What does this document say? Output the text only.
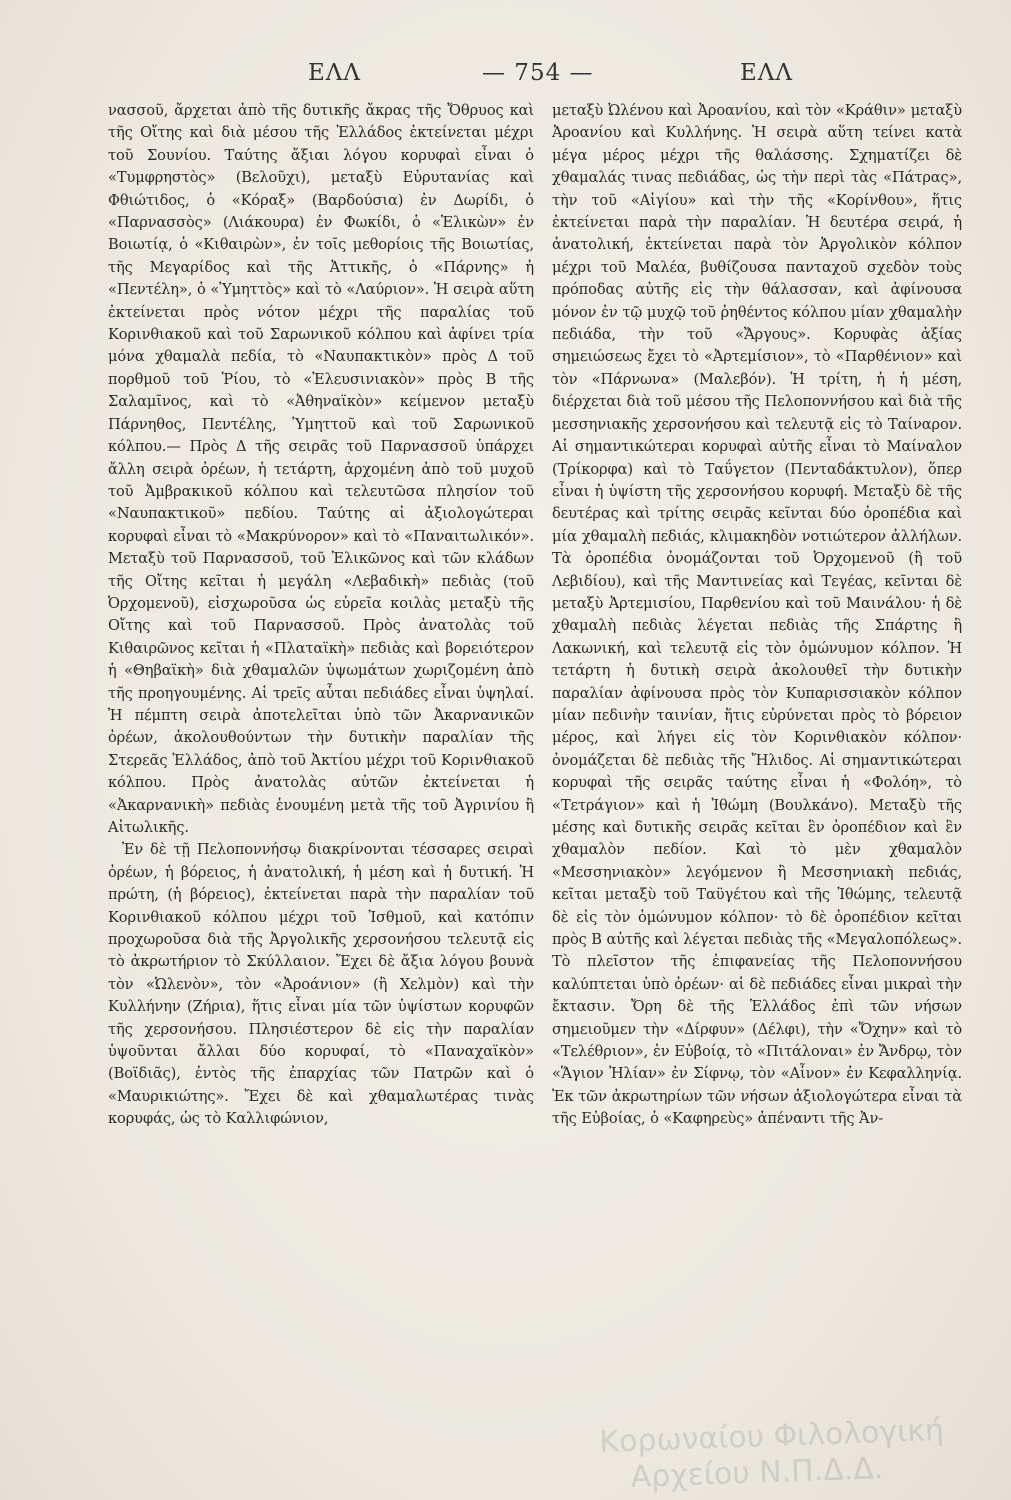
ΕΛΛ	— 754 —	ΕΛΛ

νασσοῦ, ἄρχεται ἀπὸ τῆς δυτικῆς ἄκρας τῆς Ὄθρυος καὶ τῆς Οἴτης καὶ διὰ μέσου τῆς Ἑλλάδος ἐκτείνεται μέχρι τοῦ Σουνίου. Ταύτης ἄξιαι λόγου κορυφαὶ εἶναι ὁ «Τυμφρηστὸς» (Βελοῦχι), μεταξὺ Εὐρυτανίας καὶ Φθιώτιδος, ὁ «Κόραξ» (Βαρδούσια) ἐν Δωρίδι, ὁ «Παρνασσὸς» (Λιάκουρα) ἐν Φωκίδι, ὁ «Ἑλικὼν» ἐν Βοιωτίᾳ, ὁ «Κιθαιρὼν», ἐν τοῖς μεθορίοις τῆς Βοιωτίας, τῆς Μεγαρίδος καὶ τῆς Ἀττικῆς, ὁ «Πάρνης» ἡ «Πεντέλη», ὁ «Ὑμηττὸς» καὶ τὸ «Λαύριον». Ἡ σειρὰ αὕτη ἐκτείνεται πρὸς νότον μέχρι τῆς παραλίας τοῦ Κορινθιακοῦ καὶ τοῦ Σαρωνικοῦ κόλπου καὶ ἀφίνει τρία μόνα χθαμαλὰ πεδία, τὸ «Ναυπακτικὸν» πρὸς Δ τοῦ πορθμοῦ τοῦ Ῥίου, τὸ «Ἐλευσινιακὸν» πρὸς Β τῆς Σαλαμῖνος, καὶ τὸ «Ἀθηναϊκὸν» κείμενον μεταξὺ Πάρνηθος, Πεντέλης, Ὑμηττοῦ καὶ τοῦ Σαρωνικοῦ κόλπου.— Πρὸς Δ τῆς σειρᾶς τοῦ Παρνασσοῦ ὑπάρχει ἄλλη σειρὰ ὀρέων, ἡ τετάρτη, ἀρχομένη ἀπὸ τοῦ μυχοῦ τοῦ Ἀμβρακικοῦ κόλπου καὶ τελευτῶσα πλησίον τοῦ «Ναυπακτικοῦ» πεδίου. Ταύτης αἱ ἀξιολογώτεραι κορυφαὶ εἶναι τὸ «Μακρύνορον» καὶ τὸ «Παναιτωλικόν». Μεταξὺ τοῦ Παρνασσοῦ, τοῦ Ἑλικῶνος καὶ τῶν κλάδων τῆς Οἴτης κεῖται ἡ μεγάλη «Λεβαδικὴ» πεδιὰς (τοῦ Ὀρχομενοῦ), εἰσχωροῦσα ὡς εὐρεῖα κοιλὰς μεταξὺ τῆς Οἴτης καὶ τοῦ Παρνασσοῦ. Πρὸς ἀνατολὰς τοῦ Κιθαιρῶνος κεῖται ἡ «Πλαταϊκὴ» πεδιὰς καὶ βορειότερον ἡ «Θηβαϊκὴ» διὰ χθαμαλῶν ὑψωμάτων χωριζομένη ἀπὸ τῆς προηγουμένης. Αἱ τρεῖς αὗται πεδιάδες εἶναι ὑψηλαί. Ἡ πέμπτη σειρὰ ἀποτελεῖται ὑπὸ τῶν Ἀκαρνανικῶν ὀρέων, ἀκολουθούντων τὴν δυτικὴν παραλίαν τῆς Στερεᾶς Ἑλλάδος, ἀπὸ τοῦ Ἀκτίου μέχρι τοῦ Κορινθιακοῦ κόλπου. Πρὸς ἀνατολὰς αὐτῶν ἐκτείνεται ἡ «Ἀκαρνανικὴ» πεδιὰς ἑνουμένη μετὰ τῆς τοῦ Ἀγρινίου ἢ Αἰτωλικῆς.

Ἐν δὲ τῇ Πελοποννήσῳ διακρίνονται τέσσαρες σειραὶ ὀρέων, ἡ βόρειος, ἡ ἀνατολική, ἡ μέση καὶ ἡ δυτική. Ἡ πρώτη, (ἡ βόρειος), ἐκτείνεται παρὰ τὴν παραλίαν τοῦ Κορινθιακοῦ κόλπου μέχρι τοῦ Ἰσθμοῦ, καὶ κατόπιν προχωροῦσα διὰ τῆς Ἀργολικῆς χερσονήσου τελευτᾷ εἰς τὸ ἀκρωτήριον τὸ Σκύλλαιον. Ἔχει δὲ ἄξια λόγου βουνὰ τὸν «Ὠλενὸν», τὸν «Ἀροάνιον» (ἢ Χελμὸν) καὶ τὴν Κυλλήνην (Ζήρια), ἥτις εἶναι μία τῶν ὑψίστων κορυφῶν τῆς χερσονήσου. Πλησιέστερον δὲ εἰς τὴν παραλίαν ὑψοῦνται ἄλλαι δύο κορυφαί, τὸ «Παναχαϊκὸν» (Βοϊδιᾶς), ἐντὸς τῆς ἐπαρχίας τῶν Πατρῶν καὶ ὁ «Μαυρικιώτης». Ἔχει δὲ καὶ χθαμαλωτέρας τινὰς κορυφάς, ὡς τὸ Καλλιφώνιον,

μεταξὺ Ὠλένου καὶ Ἀροανίου, καὶ τὸν «Κράθιν» μεταξὺ Ἀροανίου καὶ Κυλλήνης. Ἡ σειρὰ αὕτη τείνει κατὰ μέγα μέρος μέχρι τῆς θαλάσσης. Σχηματίζει δὲ χθαμαλάς τινας πεδιάδας, ὡς τὴν περὶ τὰς «Πάτρας», τὴν τοῦ «Αἰγίου» καὶ τὴν τῆς «Κορίνθου», ἥτις ἐκτείνεται παρὰ τὴν παραλίαν. Ἡ δευτέρα σειρά, ἡ ἀνατολική, ἐκτείνεται παρὰ τὸν Ἀργολικὸν κόλπον μέχρι τοῦ Μαλέα, βυθίζουσα πανταχοῦ σχεδὸν τοὺς πρόποδας αὐτῆς εἰς τὴν θάλασσαν, καὶ ἀφίνουσα μόνον ἐν τῷ μυχῷ τοῦ ῥηθέντος κόλπου μίαν χθαμαλὴν πεδιάδα, τὴν τοῦ «Ἄργους». Κορυφὰς ἀξίας σημειώσεως ἔχει τὸ «Ἀρτεμίσιον», τὸ «Παρθένιον» καὶ τὸν «Πάρνωνα» (Μαλεβόν). Ἡ τρίτη, ἡ ἡ μέση, διέρχεται διὰ τοῦ μέσου τῆς Πελοποννήσου καὶ διὰ τῆς μεσσηνιακῆς χερσονήσου καὶ τελευτᾷ εἰς τὸ Ταίναρον. Αἱ σημαντικώτεραι κορυφαὶ αὐτῆς εἶναι τὸ Μαίναλον (Τρίκορφα) καὶ τὸ Ταΰγετον (Πενταδάκτυλον), ὅπερ εἶναι ἡ ὑψίστη τῆς χερσονήσου κορυφή. Μεταξὺ δὲ τῆς δευτέρας καὶ τρίτης σειρᾶς κεῖνται δύο ὀροπέδια καὶ μία χθαμαλὴ πεδιάς, κλιμακηδὸν νοτιώτερον ἀλλήλων. Τὰ ὀροπέδια ὀνομάζονται τοῦ Ὀρχομενοῦ (ἢ τοῦ Λεβιδίου), καὶ τῆς Μαντινείας καὶ Τεγέας, κεῖνται δὲ μεταξὺ Ἀρτεμισίου, Παρθενίου καὶ τοῦ Μαινάλου· ἡ δὲ χθαμαλὴ πεδιὰς λέγεται πεδιὰς τῆς Σπάρτης ἢ Λακωνική, καὶ τελευτᾷ εἰς τὸν ὁμώνυμον κόλπον. Ἡ τετάρτη ἡ δυτικὴ σειρὰ ἀκολουθεῖ τὴν δυτικὴν παραλίαν ἀφίνουσα πρὸς τὸν Κυπαρισσιακὸν κόλπον μίαν πεδινὴν ταινίαν, ἥτις εὐρύνεται πρὸς τὸ βόρειον μέρος, καὶ λήγει εἰς τὸν Κορινθιακὸν κόλπον· ὀνομάζεται δὲ πεδιὰς τῆς Ἤλιδος. Αἱ σημαντικώτεραι κορυφαὶ τῆς σειρᾶς ταύτης εἶναι ἡ «Φολόη», τὸ «Τετράγιον» καὶ ἡ Ἰθώμη (Βουλκάνο). Μεταξὺ τῆς μέσης καὶ δυτικῆς σειρᾶς κεῖται ἓν ὀροπέδιον καὶ ἓν χθαμαλὸν πεδίον. Καὶ τὸ μὲν χθαμαλὸν «Μεσσηνιακὸν» λεγόμενον ἢ Μεσσηνιακὴ πεδιάς, κεῖται μεταξὺ τοῦ Ταϋγέτου καὶ τῆς Ἰθώμης, τελευτᾷ δὲ εἰς τὸν ὁμώνυμον κόλπον· τὸ δὲ ὀροπέδιον κεῖται πρὸς Β αὐτῆς καὶ λέγεται πεδιὰς τῆς «Μεγαλοπόλεως». Τὸ πλεῖστον τῆς ἐπιφανείας τῆς Πελοποννήσου καλύπτεται ὑπὸ ὀρέων· αἱ δὲ πεδιάδες εἶναι μικραὶ τὴν ἔκτασιν. Ὄρη δὲ τῆς Ἑλλάδος ἐπὶ τῶν νήσων σημειοῦμεν τὴν «Δίρφυν» (Δέλφι), τὴν «Ὄχην» καὶ τὸ «Τελέθριον», ἐν Εὐβοίᾳ, τὸ «Πιτάλοναι» ἐν Ἄνδρῳ, τὸν «Ἅγιον Ἠλίαν» ἐν Σίφνῳ, τὸν «Αἶνον» ἐν Κεφαλληνίᾳ. Ἐκ τῶν ἀκρωτηρίων τῶν νήσων ἀξιολογώτερα εἶναι τὰ τῆς Εὐβοίας, ὁ «Καφηρεὺς» ἀπέναντι τῆς Ἀν-

Κορωναίου Φιλολογική
Αρχείου Ν.Π.Δ.Δ.
